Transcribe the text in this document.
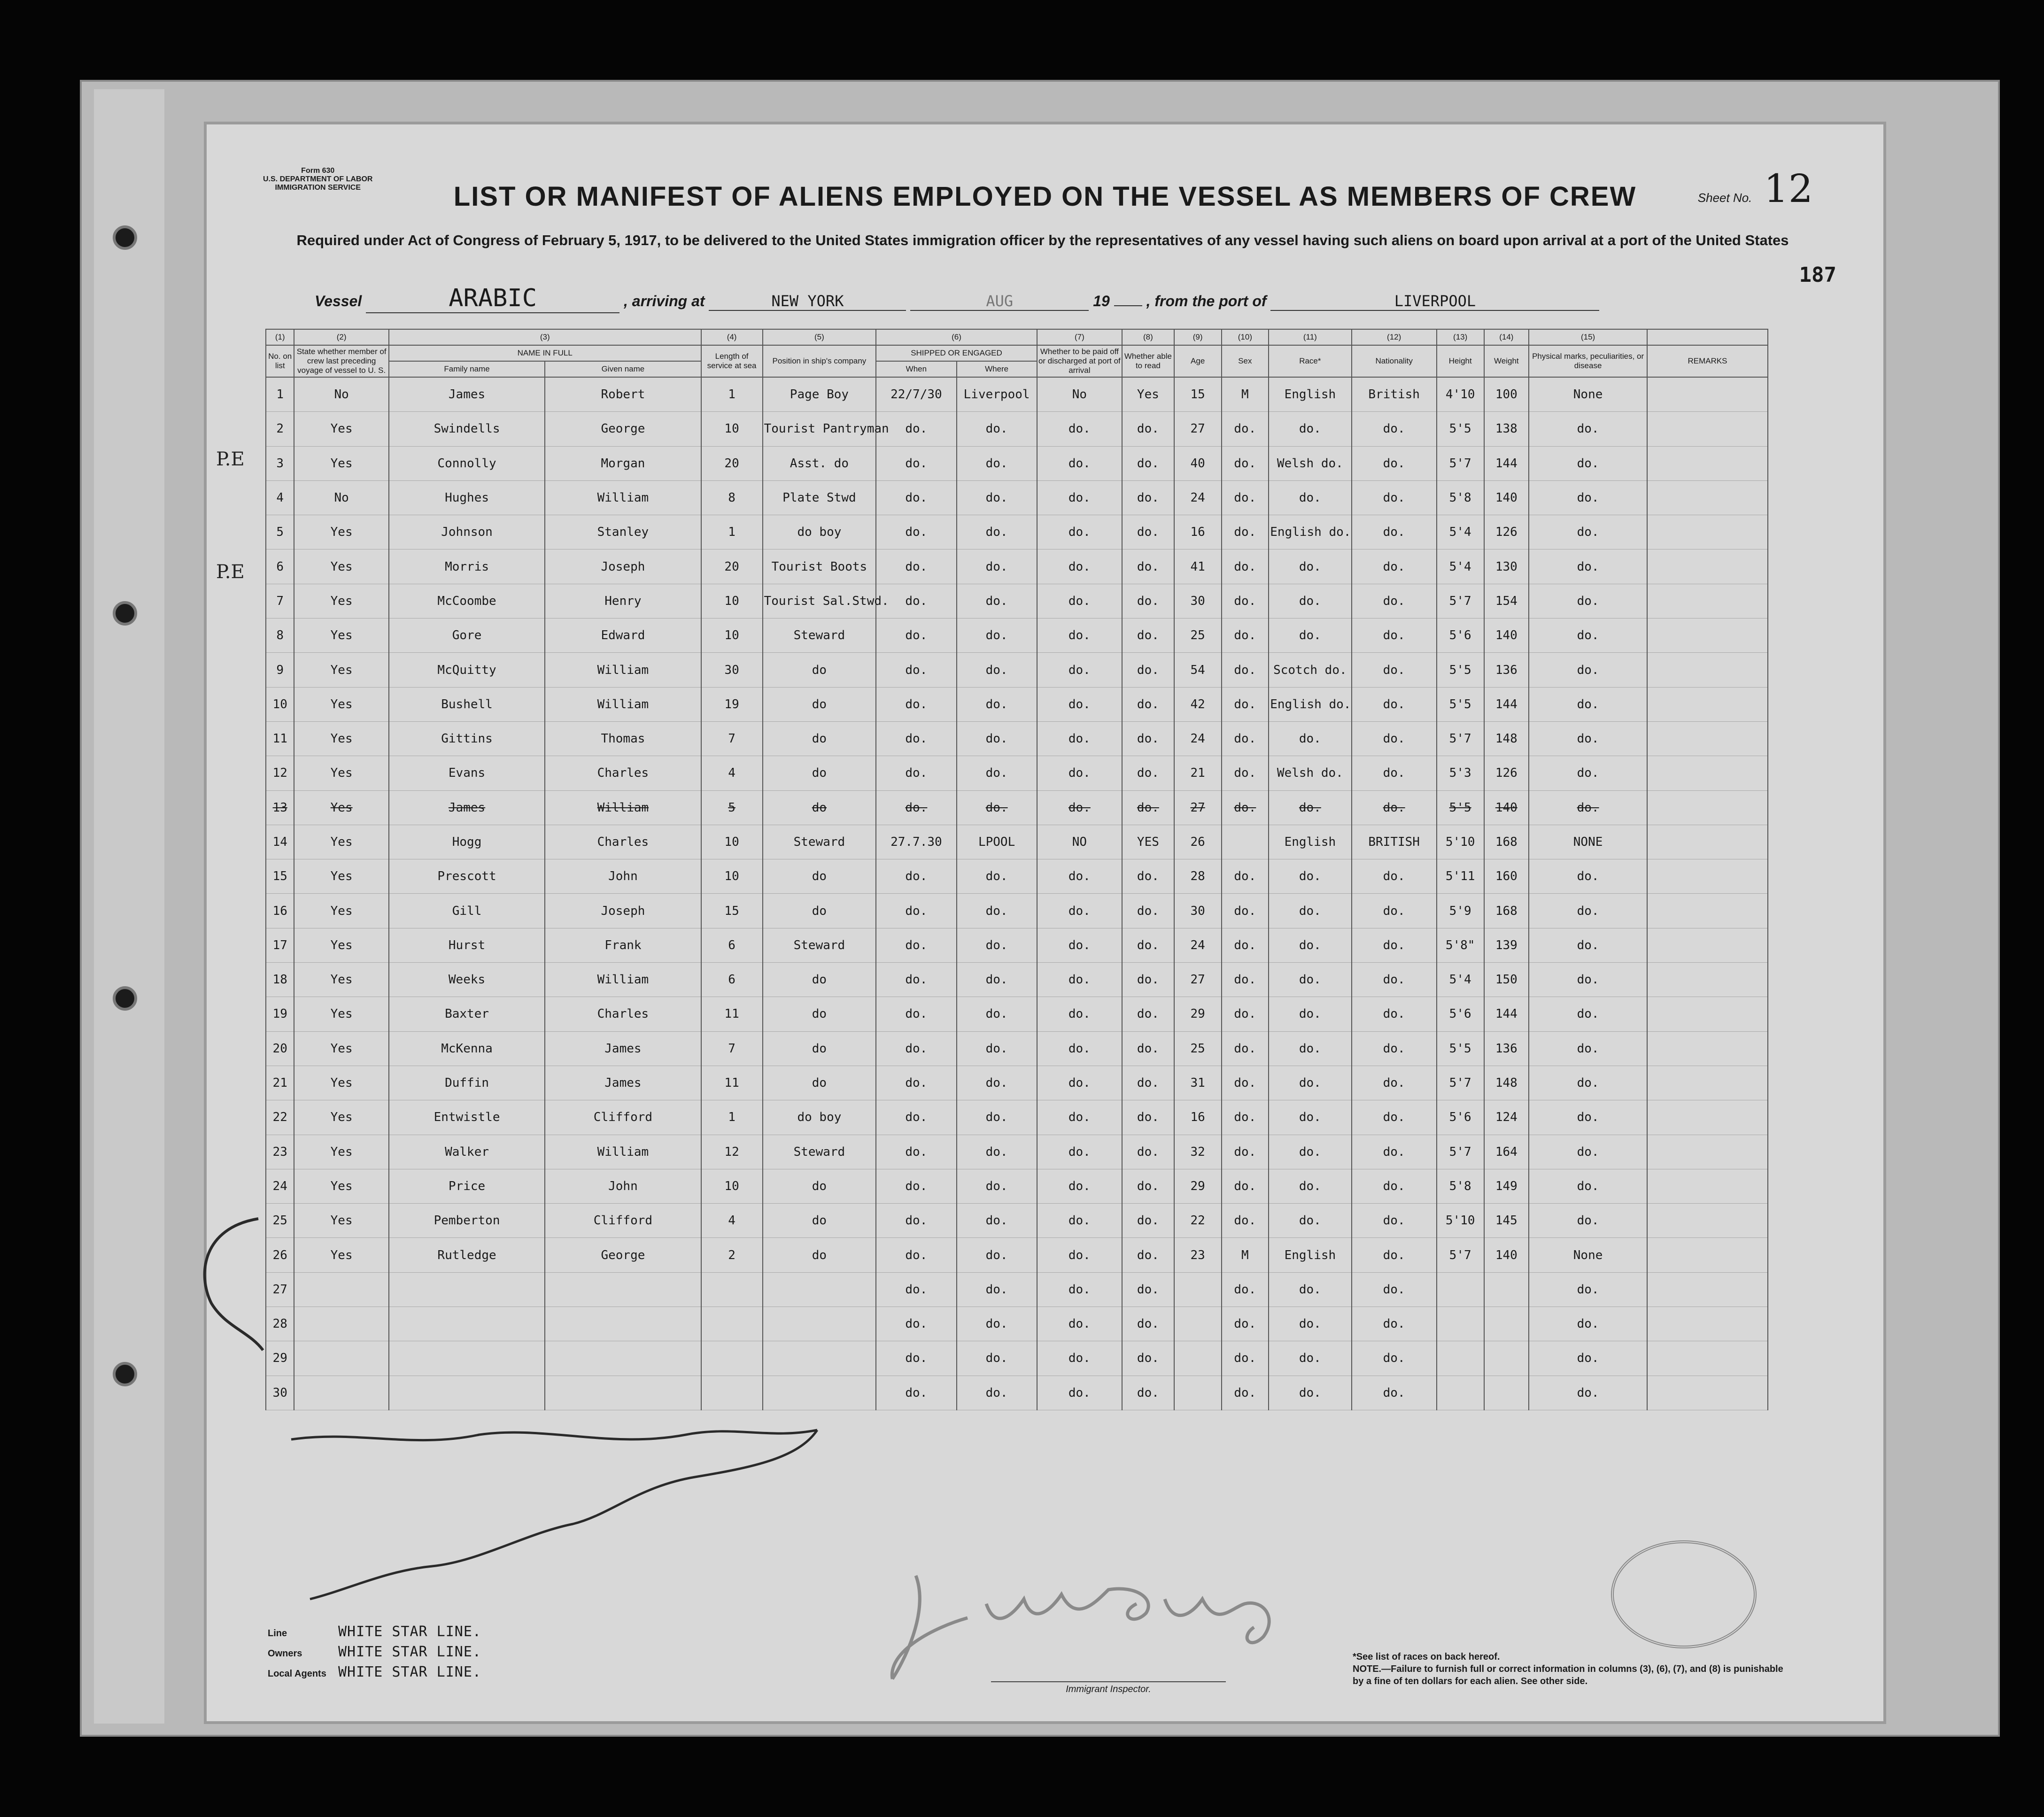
Form 630
U.S. DEPARTMENT OF LABOR
IMMIGRATION SERVICE
Sheet No. 12
LIST OR MANIFEST OF ALIENS EMPLOYED ON THE VESSEL AS MEMBERS OF CREW
Required under Act of Congress of February 5, 1917, to be delivered to the United States immigration officer by the representatives of any vessel having such aliens on board upon arrival at a port of the United States
187
Vessel	ARABIC	, arriving at	NEW YORK	AUG	19 , from the port of	LIVERPOOL
(1)	(2)	(3)		(4)	(5)	(6)		(7)	(8)	(9)	(10)	(11)	(12)	(13)	(14)	(15)	
No. on list	State whether member of crew last preceding voyage of vessel to U. S.	NAME IN FULL		Length of service at sea	Position in ship's company	SHIPPED OR ENGAGED		Whether to be paid off or discharged at port of arrival	Whether able to read	Age	Sex	Race*	Nationality	Height	Weight	Physical marks, peculiarities, or disease	REMARKS
		Family name	Given name			When	Where										
1	No	James	Robert	1	Page Boy	22/7/30	Liverpool	No	Yes	15	M	English	British	4'10	100	None	
2	Yes	Swindells	George	10	Tourist Pantryman	do.	do.	do.	do.	27	do.	do.	do.	5'5	138	do.	
3	Yes	Connolly	Morgan	20	Asst. do	do.	do.	do.	do.	40	do.	Welsh do.	do.	5'7	144	do.	
4	No	Hughes	William	8	Plate Stwd	do.	do.	do.	do.	24	do.	do.	do.	5'8	140	do.	
5	Yes	Johnson	Stanley	1	do boy	do.	do.	do.	do.	16	do.	English do.	do.	5'4	126	do.	
6	Yes	Morris	Joseph	20	Tourist Boots	do.	do.	do.	do.	41	do.	do.	do.	5'4	130	do.	
7	Yes	McCoombe	Henry	10	Tourist Sal.Stwd.	do.	do.	do.	do.	30	do.	do.	do.	5'7	154	do.	
8	Yes	Gore	Edward	10	Steward	do.	do.	do.	do.	25	do.	do.	do.	5'6	140	do.	
9	Yes	McQuitty	William	30	do	do.	do.	do.	do.	54	do.	Scotch do.	do.	5'5	136	do.	
10	Yes	Bushell	William	19	do	do.	do.	do.	do.	42	do.	English do.	do.	5'5	144	do.	
11	Yes	Gittins	Thomas	7	do	do.	do.	do.	do.	24	do.	do.	do.	5'7	148	do.	
12	Yes	Evans	Charles	4	do	do.	do.	do.	do.	21	do.	Welsh do.	do.	5'3	126	do.	
13	Yes	James	William	5	do	do.	do.	do.	do.	27	do.	do.	do.	5'5	140	do.	
14	Yes	Hogg	Charles	10	Steward	27.7.30	LPOOL	NO	YES	26		English	BRITISH	5'10	168	NONE	
15	Yes	Prescott	John	10	do	do.	do.	do.	do.	28	do.	do.	do.	5'11	160	do.	
16	Yes	Gill	Joseph	15	do	do.	do.	do.	do.	30	do.	do.	do.	5'9	168	do.	
17	Yes	Hurst	Frank	6	Steward	do.	do.	do.	do.	24	do.	do.	do.	5'8"	139	do.	
18	Yes	Weeks	William	6	do	do.	do.	do.	do.	27	do.	do.	do.	5'4	150	do.	
19	Yes	Baxter	Charles	11	do	do.	do.	do.	do.	29	do.	do.	do.	5'6	144	do.	
20	Yes	McKenna	James	7	do	do.	do.	do.	do.	25	do.	do.	do.	5'5	136	do.	
21	Yes	Duffin	James	11	do	do.	do.	do.	do.	31	do.	do.	do.	5'7	148	do.	
22	Yes	Entwistle	Clifford	1	do boy	do.	do.	do.	do.	16	do.	do.	do.	5'6	124	do.	
23	Yes	Walker	William	12	Steward	do.	do.	do.	do.	32	do.	do.	do.	5'7	164	do.	
24	Yes	Price	John	10	do	do.	do.	do.	do.	29	do.	do.	do.	5'8	149	do.	
25	Yes	Pemberton	Clifford	4	do	do.	do.	do.	do.	22	do.	do.	do.	5'10	145	do.	
26	Yes	Rutledge	George	2	do	do.	do.	do.	do.	23	M	English	do.	5'7	140	None	
27						do.	do.	do.	do.		do.	do.	do.			do.	
28						do.	do.	do.	do.		do.	do.	do.			do.	
29						do.	do.	do.	do.		do.	do.	do.			do.	
30						do.	do.	do.	do.		do.	do.	do.			do.	
P.E
P.E
Line	WHITE STAR LINE.
Owners	WHITE STAR LINE.
Local Agents WHITE STAR LINE.
Immigrant Inspector.
*See list of races on back hereof.
NOTE.—Failure to furnish full or correct information in columns (3), (6), (7), and (8) is punishable by a fine of ten dollars for each alien. See other side.
